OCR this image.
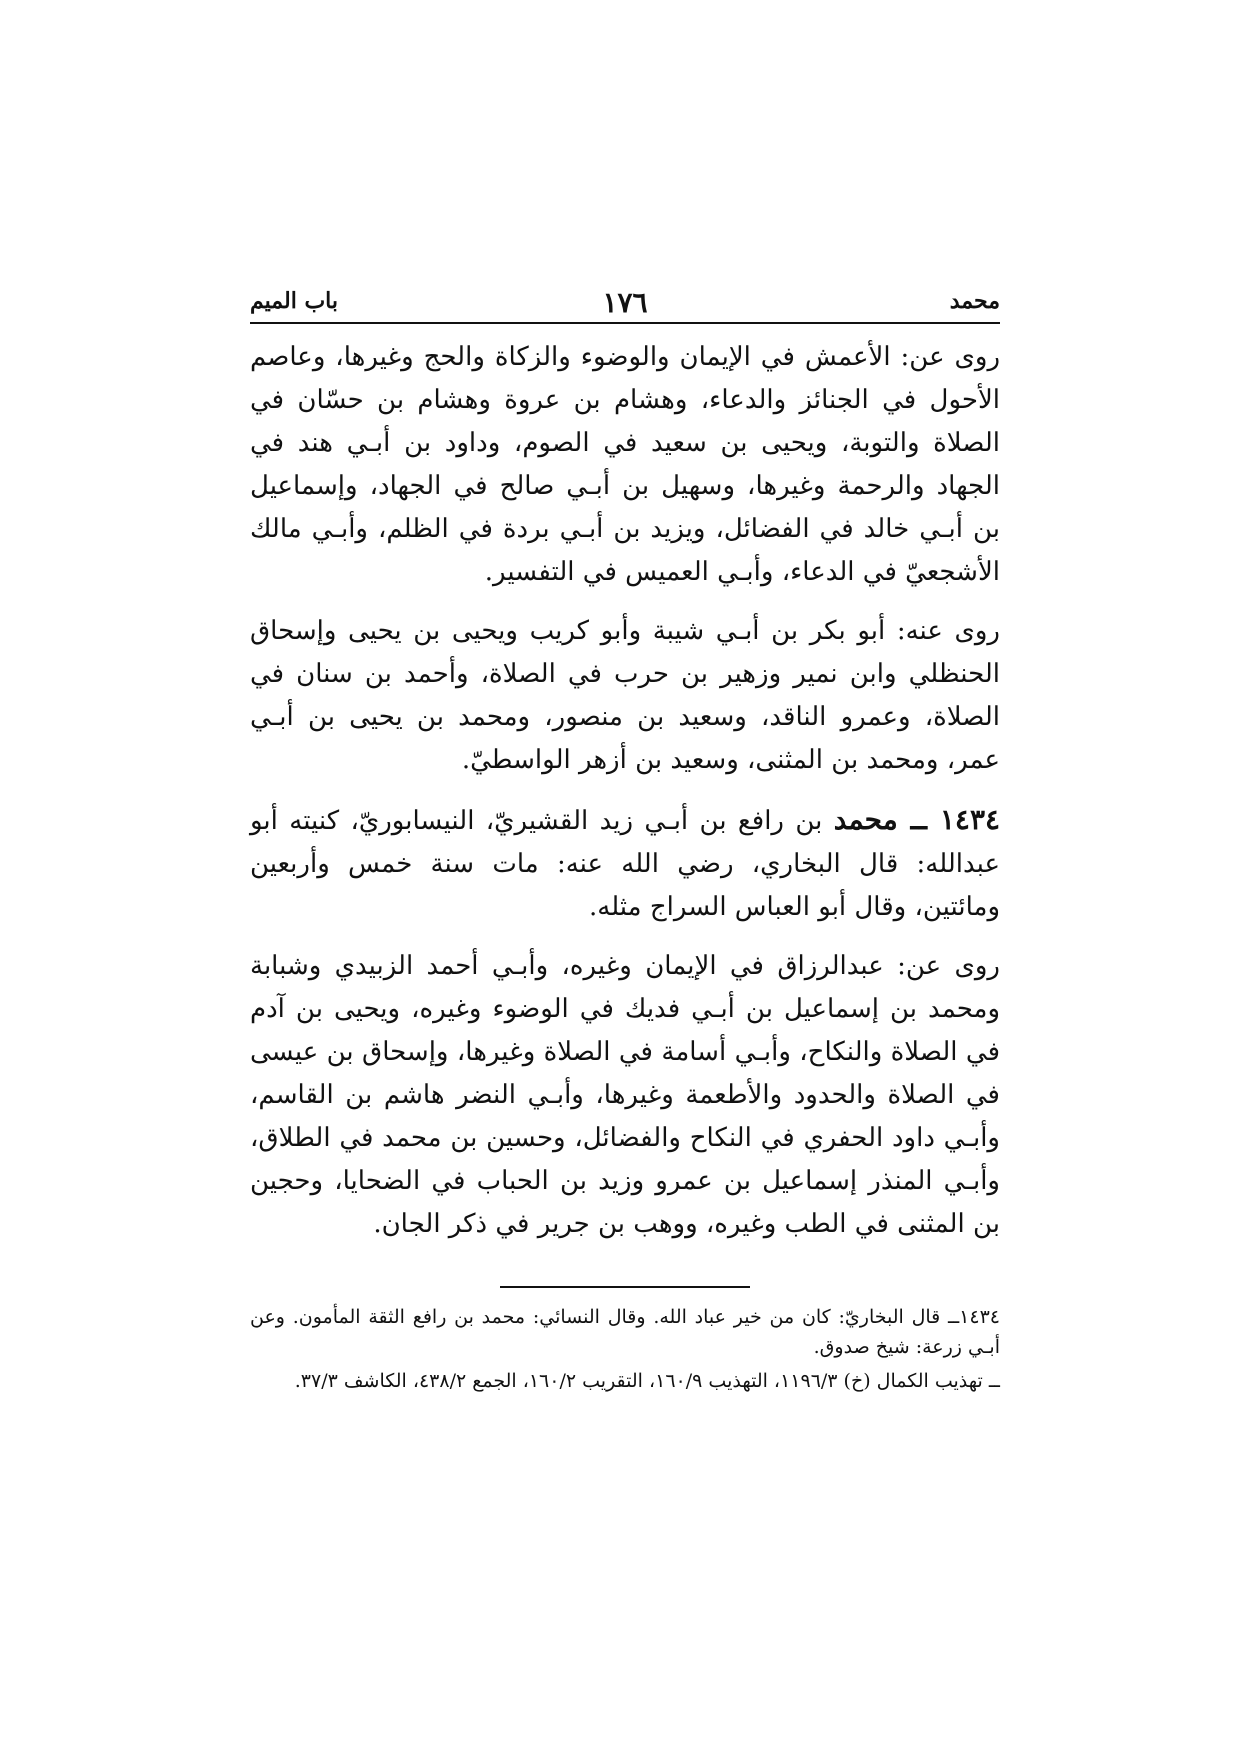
محمد
١٧٦
باب الميم

روى عن: الأعمش في الإيمان والوضوء والزكاة والحج وغيرها، وعاصم الأحول في الجنائز والدعاء، وهشام بن عروة وهشام بن حسّان في الصلاة والتوبة، ويحيى بن سعيد في الصوم، وداود بن أبـي هند في الجهاد والرحمة وغيرها، وسهيل بن أبـي صالح في الجهاد، وإسماعيل بن أبـي خالد في الفضائل، ويزيد بن أبـي بردة في الظلم، وأبـي مالك الأشجعيّ في الدعاء، وأبـي العميس في التفسير.

روى عنه: أبو بكر بن أبـي شيبة وأبو كريب ويحيى بن يحيى وإسحاق الحنظلي وابن نمير وزهير بن حرب في الصلاة، وأحمد بن سنان في الصلاة، وعمرو الناقد، وسعيد بن منصور، ومحمد بن يحيى بن أبـي عمر، ومحمد بن المثنى، وسعيد بن أزهر الواسطيّ.

١٤٣٤ ــ محمد بن رافع بن أبـي زيد القشيريّ، النيسابوريّ، كنيته أبو عبدالله: قال البخاري، رضي الله عنه: مات سنة خمس وأربعين ومائتين، وقال أبو العباس السراج مثله.

روى عن: عبدالرزاق في الإيمان وغيره، وأبـي أحمد الزبيدي وشبابة ومحمد بن إسماعيل بن أبـي فديك في الوضوء وغيره، ويحيى بن آدم في الصلاة والنكاح، وأبـي أسامة في الصلاة وغيرها، وإسحاق بن عيسى في الصلاة والحدود والأطعمة وغيرها، وأبـي النضر هاشم بن القاسم، وأبـي داود الحفري في النكاح والفضائل، وحسين بن محمد في الطلاق، وأبـي المنذر إسماعيل بن عمرو وزيد بن الحباب في الضحايا، وحجين بن المثنى في الطب وغيره، ووهب بن جرير في ذكر الجان.

١٤٣٤ــ قال البخاريّ: كان من خير عباد الله. وقال النسائي: محمد بن رافع الثقة المأمون. وعن أبـي زرعة: شيخ صدوق.

ــ تهذيب الكمال (خ) ١١٩٦/٣، التهذيب ١٦٠/٩، التقريب ١٦٠/٢، الجمع ٤٣٨/٢، الكاشف ٣٧/٣.
